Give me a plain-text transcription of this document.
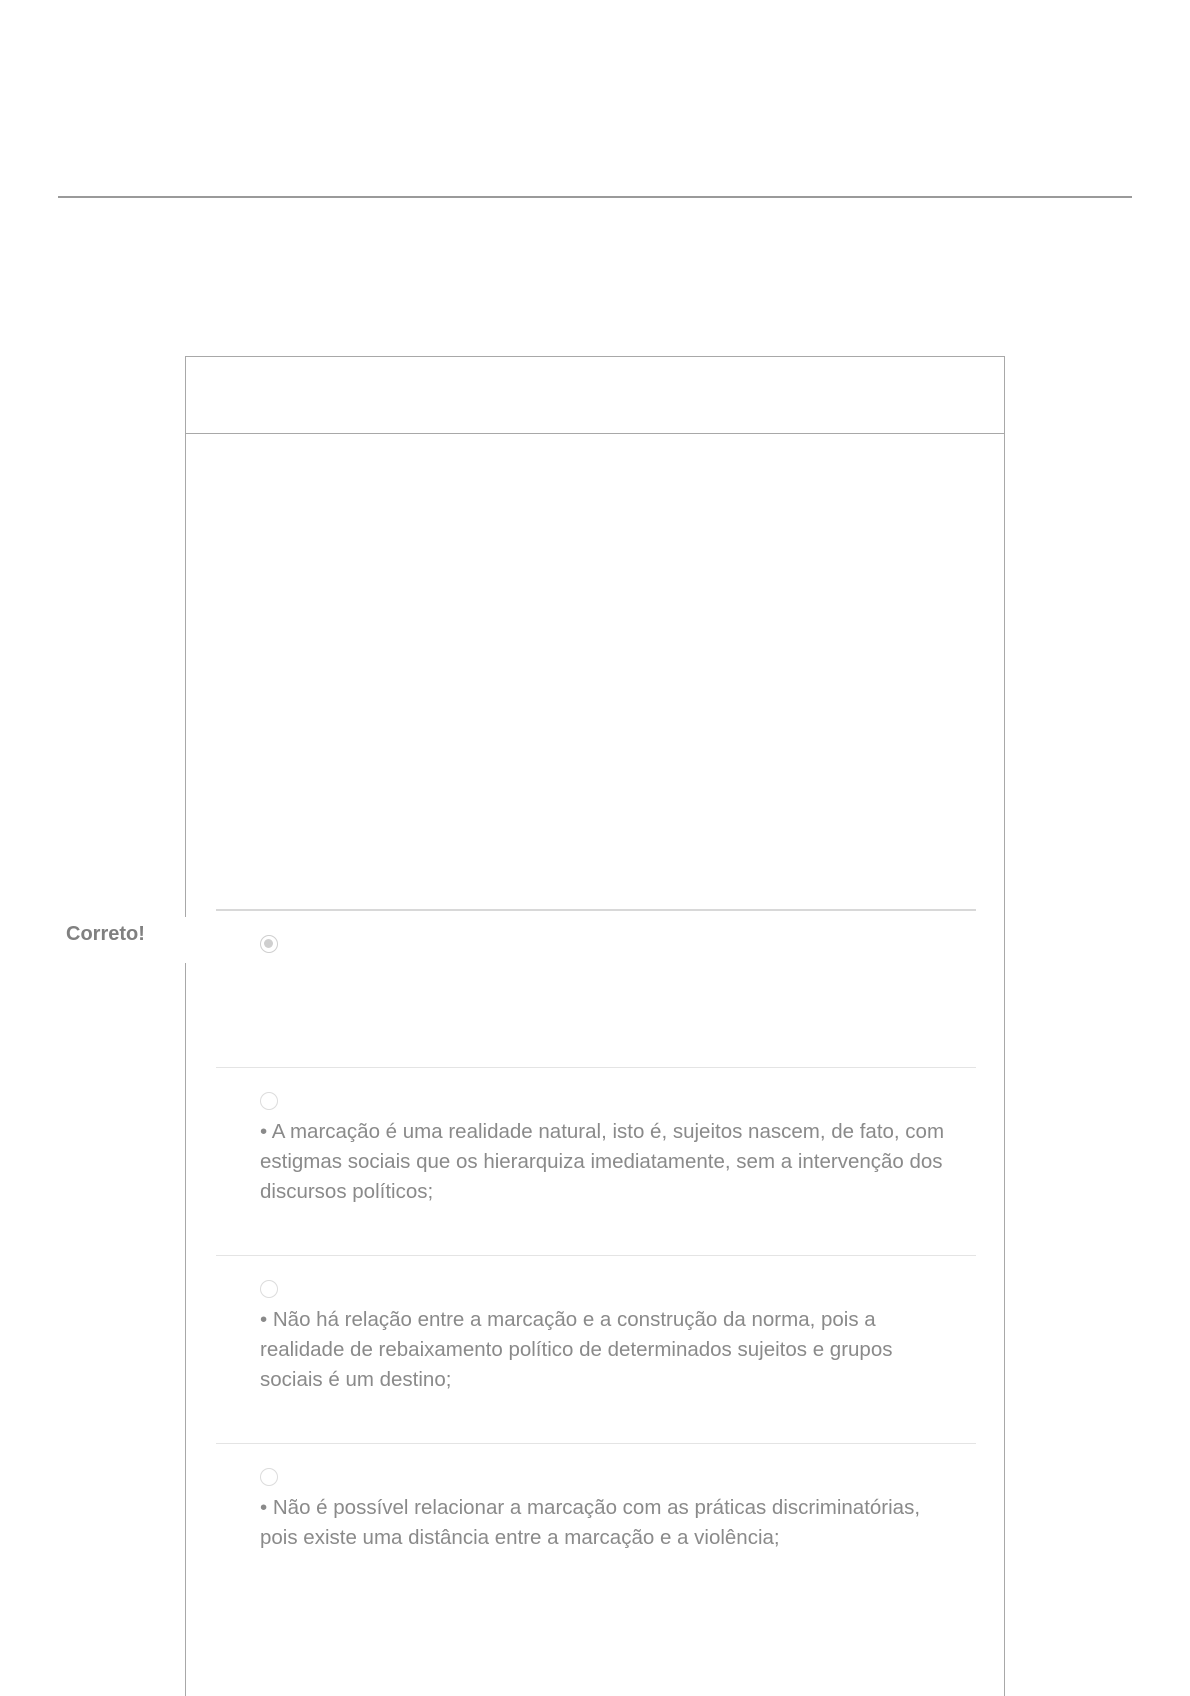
• A marcação é uma realidade natural, isto é, sujeitos nascem, de fato, com estigmas sociais que os hierarquiza imediatamente, sem a intervenção dos discursos políticos;
• Não há relação entre a marcação e a construção da norma, pois a realidade de rebaixamento político de determinados sujeitos e grupos sociais é um destino;
• Não é possível relacionar a marcação com as práticas discriminatórias, pois existe uma distância entre a marcação e a violência;
Correto!
